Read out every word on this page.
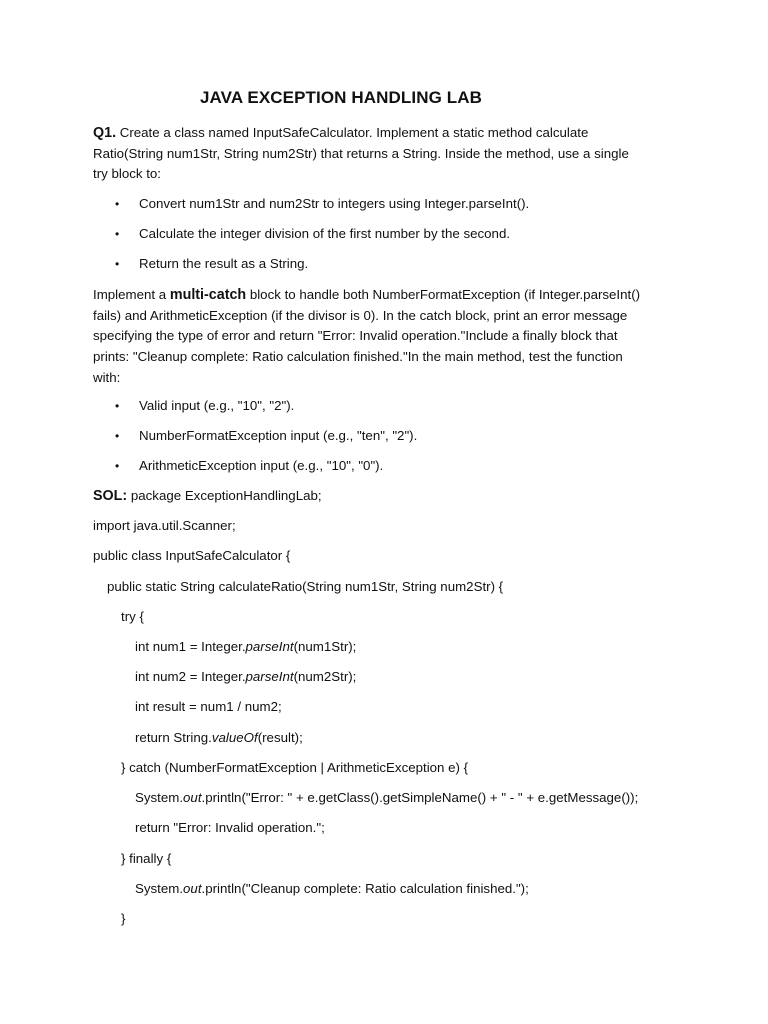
JAVA EXCEPTION HANDLING LAB
Q1. Create a class named InputSafeCalculator. Implement a static method calculate
Ratio(String num1Str, String num2Str) that returns a String. Inside the method, use a single
try block to:
• Convert num1Str and num2Str to integers using Integer.parseInt().
• Calculate the integer division of the first number by the second.
• Return the result as a String.
Implement a multi-catch block to handle both NumberFormatException (if Integer.parseInt()
fails) and ArithmeticException (if the divisor is 0). In the catch block, print an error message
specifying the type of error and return "Error: Invalid operation."Include a finally block that
prints: "Cleanup complete: Ratio calculation finished."In the main method, test the function
with:
• Valid input (e.g., "10", "2").
• NumberFormatException input (e.g., "ten", "2").
• ArithmeticException input (e.g., "10", "0").
SOL: package ExceptionHandlingLab;
import java.util.Scanner;
public class InputSafeCalculator {
public static String calculateRatio(String num1Str, String num2Str) {
try {
int num1 = Integer.parseInt(num1Str);
int num2 = Integer.parseInt(num2Str);
int result = num1 / num2;
return String.valueOf(result);
} catch (NumberFormatException | ArithmeticException e) {
System.out.println("Error: " + e.getClass().getSimpleName() + " - " + e.getMessage());
return "Error: Invalid operation.";
} finally {
System.out.println("Cleanup complete: Ratio calculation finished.");
}
